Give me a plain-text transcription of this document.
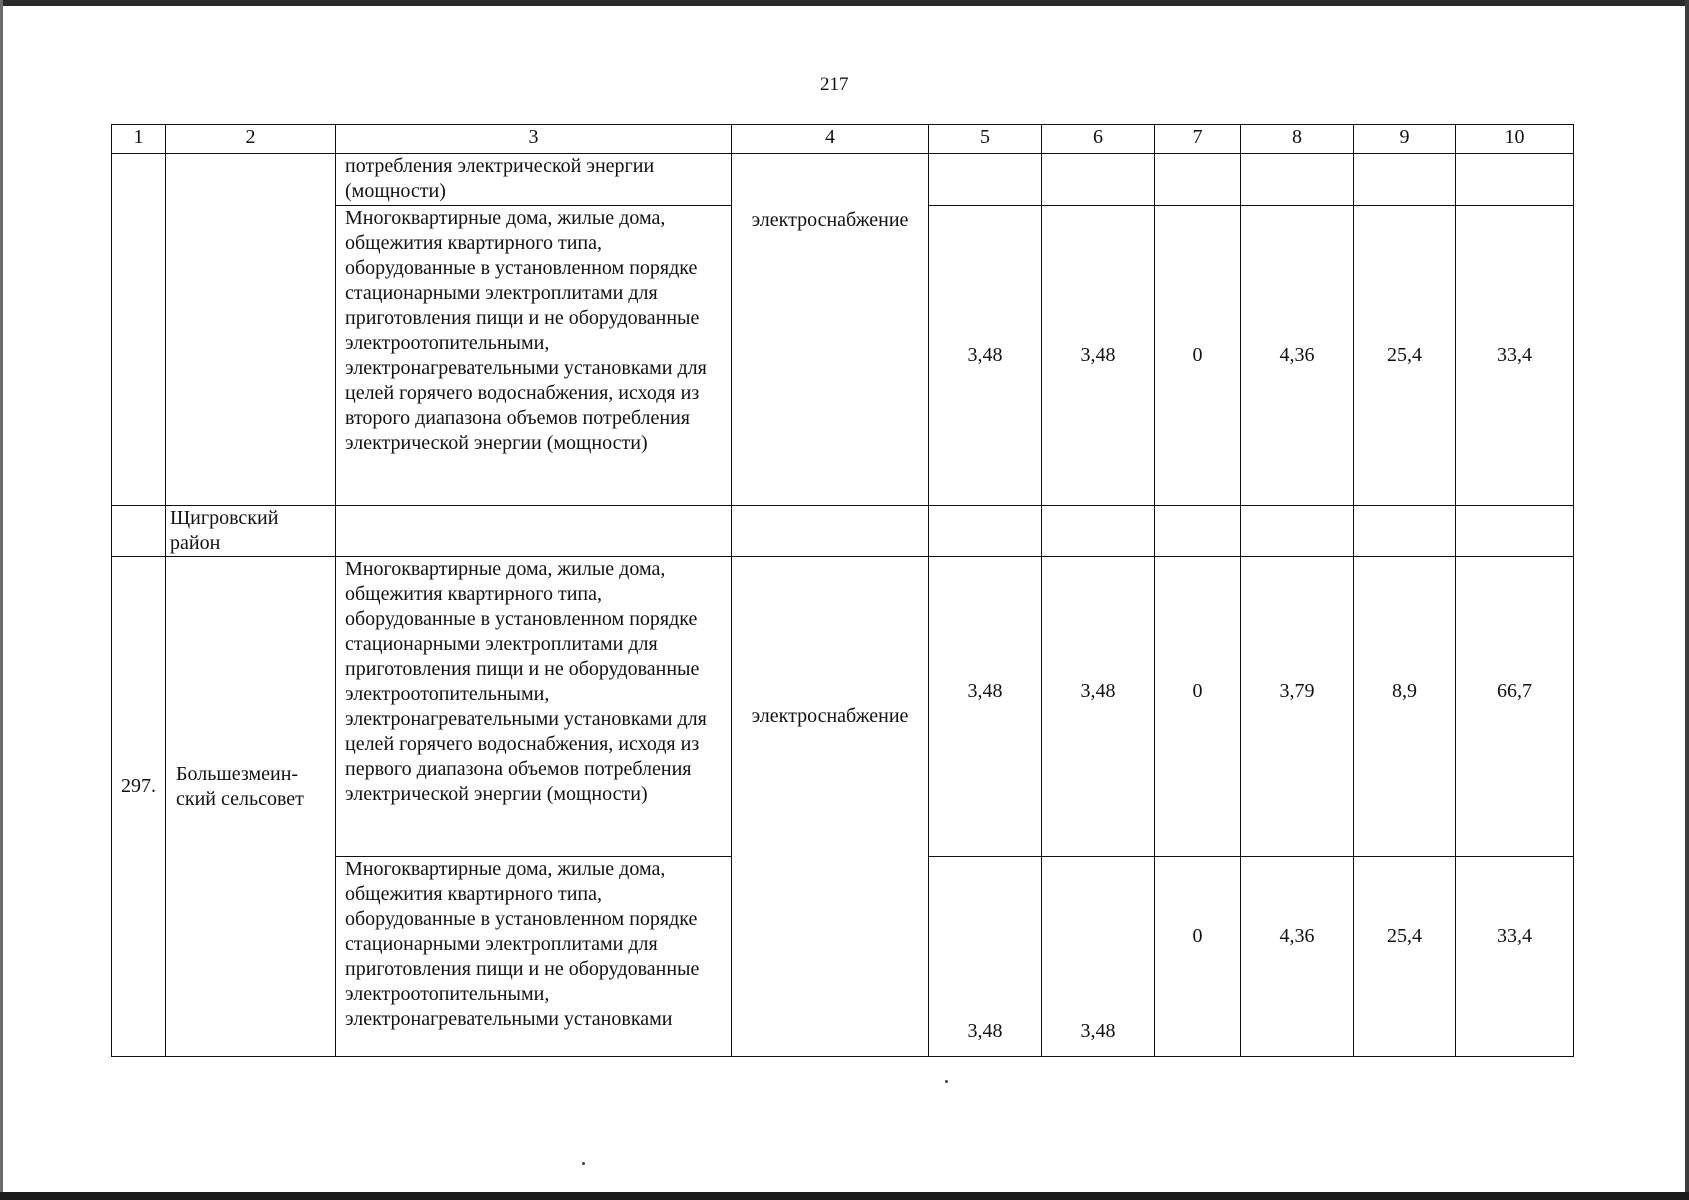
217
1	2	3	4	5	6	7	8	9	10
		потребления электрической энергии (мощности)	электроснабжение						
		Многоквартирные дома, жилые дома, общежития квартирного типа, оборудованные в установленном порядке стационарными электроплитами для приготовления пищи и не оборудованные электроотопительными, электронагревательными установками для целей горячего водоснабжения, исходя из второго диапазона объемов потребления электрической энергии (мощности)		3,48	3,48	0	4,36	25,4	33,4
	Щигровский район								
297.	Большезмеин-ский сельсовет	Многоквартирные дома, жилые дома, общежития квартирного типа, оборудованные в установленном порядке стационарными электроплитами для приготовления пищи и не оборудованные электроотопительными, электронагревательными установками для целей горячего водоснабжения, исходя из первого диапазона объемов потребления электрической энергии (мощности)	электроснабжение	3,48	3,48	0	3,79	8,9	66,7
		Многоквартирные дома, жилые дома, общежития квартирного типа, оборудованные в установленном порядке стационарными электроплитами для приготовления пищи и не оборудованные электроотопительными, электронагревательными установками		3,48	3,48	0	4,36	25,4	33,4
